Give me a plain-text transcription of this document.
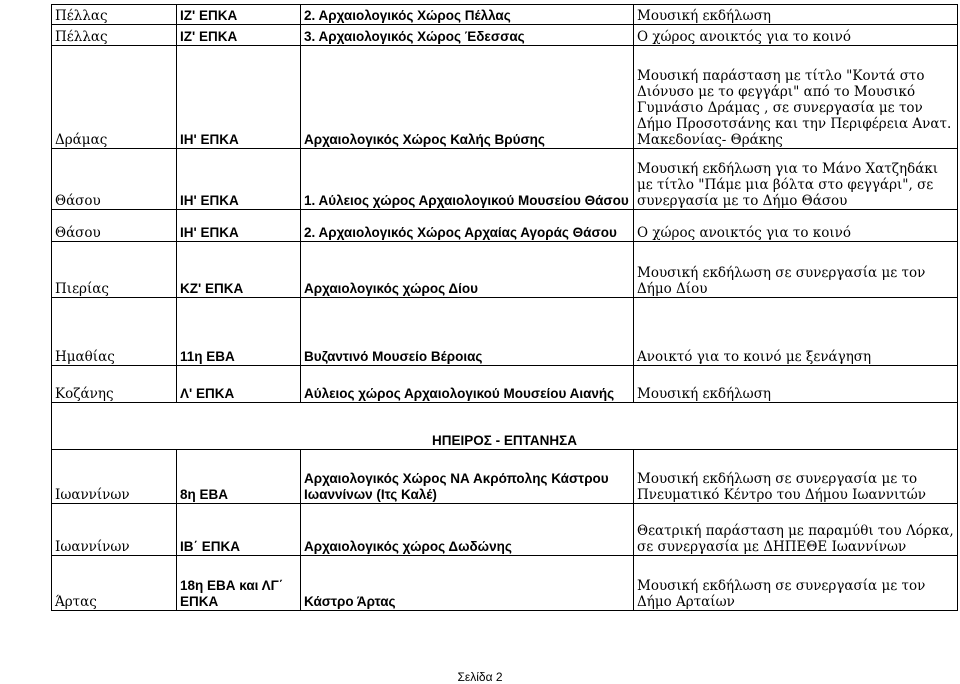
Πέλλας	ΙΖ' ΕΠΚΑ	2. Αρχαιολογικός Χώρος Πέλλας	Μουσική εκδήλωση
Πέλλας	ΙΖ' ΕΠΚΑ	3. Αρχαιολογικός Χώρος Έδεσσας	Ο χώρος ανοικτός για το κοινό
Δράμας	ΙΗ' ΕΠΚΑ	Αρχαιολογικός Χώρος Καλής Βρύσης	Μουσική παράσταση με τίτλο "Κοντά στο Διόνυσο με το φεγγάρι" από το Μουσικό Γυμνάσιο Δράμας , σε συνεργασία με τον Δήμο Προσοτσάνης και την Περιφέρεια Ανατ. Μακεδονίας- Θράκης
Θάσου	ΙΗ' ΕΠΚΑ	1. Αύλειος χώρος Αρχαιολογικού Μουσείου Θάσου	Μουσική εκδήλωση για το Μάνο Χατζηδάκι με τίτλο "Πάμε μια βόλτα στο φεγγάρι", σε συνεργασία με το Δήμο Θάσου
Θάσου	ΙΗ' ΕΠΚΑ	2. Αρχαιολογικός Χώρος Αρχαίας Αγοράς Θάσου	Ο χώρος ανοικτός για το κοινό
Πιερίας	ΚΖ' ΕΠΚΑ	Αρχαιολογικός χώρος Δίου	Μουσική εκδήλωση σε συνεργασία με τον Δήμο Δίου
Ημαθίας	11η ΕΒΑ	Βυζαντινό Μουσείο Βέροιας	Ανοικτό για το κοινό με ξενάγηση
Κοζάνης	Λ' ΕΠΚΑ	Αύλειος χώρος Αρχαιολογικού Μουσείου Αιανής	Μουσική εκδήλωση
ΗΠΕΙΡΟΣ - ΕΠΤΑΝΗΣΑ			
Ιωαννίνων	8η ΕΒΑ	Αρχαιολογικός Χώρος ΝΑ Ακρόπολης Κάστρου Ιωαννίνων (Ιτς Καλέ)	Μουσική εκδήλωση σε συνεργασία με το Πνευματικό Κέντρο του Δήμου Ιωαννιτών
Ιωαννίνων	ΙΒ΄ ΕΠΚΑ	Αρχαιολογικός χώρος Δωδώνης	Θεατρική παράσταση με παραμύθι του Λόρκα, σε συνεργασία με ΔΗΠΕΘΕ Ιωαννίνων
Άρτας	18η ΕΒΑ και ΛΓ΄ ΕΠΚΑ	Κάστρο Άρτας	Μουσική εκδήλωση σε συνεργασία με τον Δήμο Αρταίων
Σελίδα 2
